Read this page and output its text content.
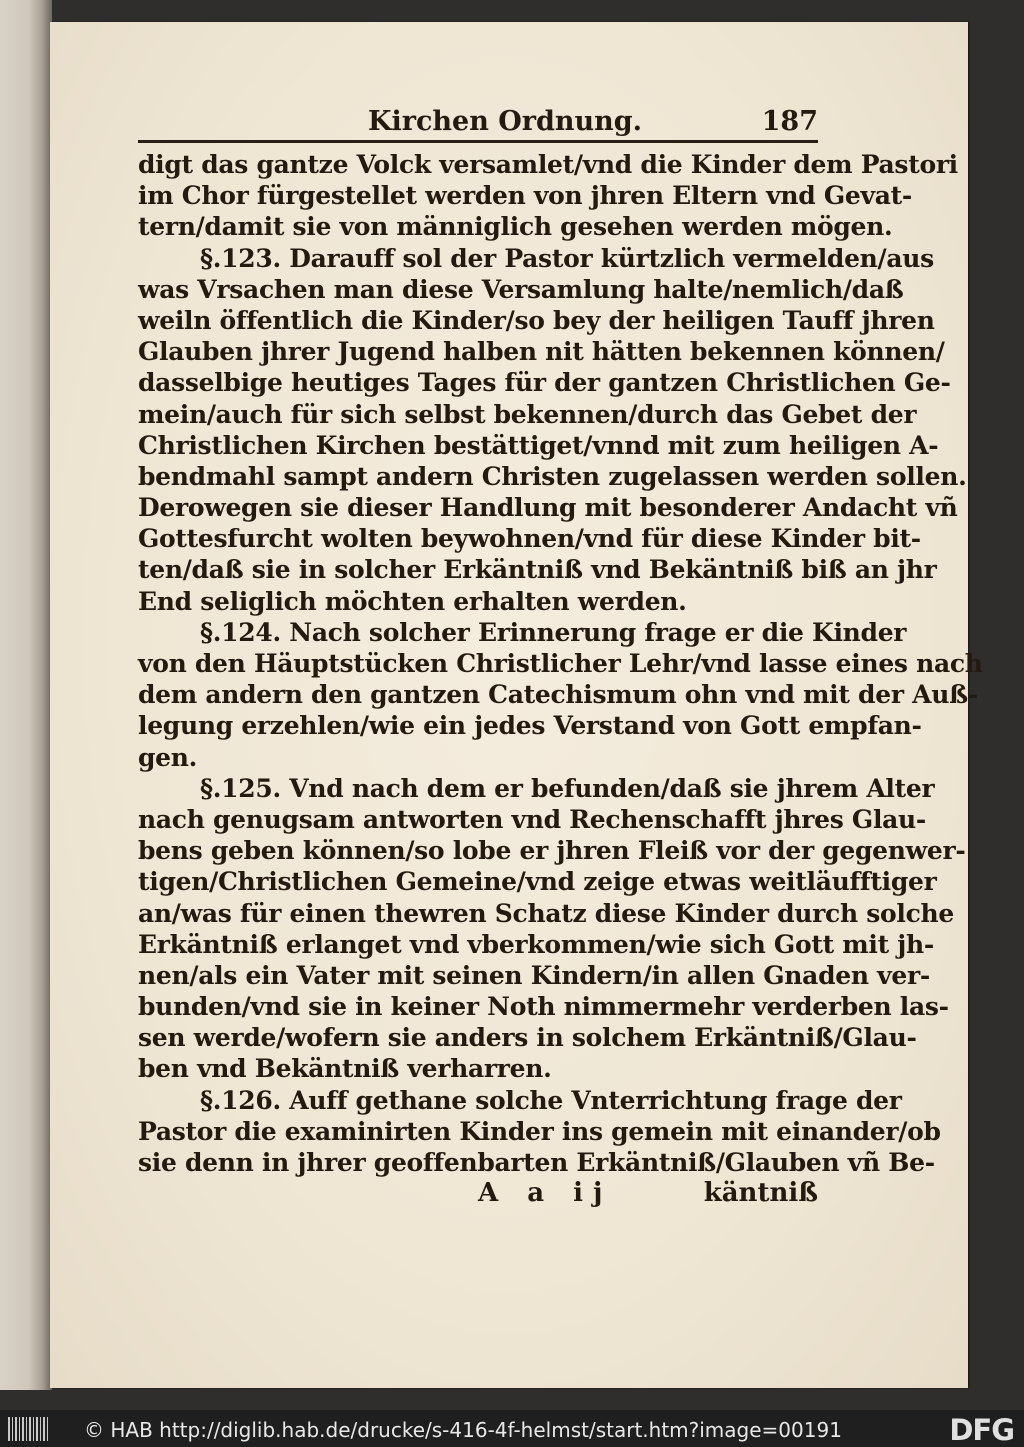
Kirchen Ordnung.	187
digt das gantze Volck versamlet/vnd die Kinder dem Pastori
im Chor fürgestellet werden von jhren Eltern vnd Gevat-
tern/damit sie von männiglich gesehen werden mögen.
§.123. Darauff sol der Pastor kürtzlich vermelden/aus
was Vrsachen man diese Versamlung halte/nemlich/daß
weiln öffentlich die Kinder/so bey der heiligen Tauff jhren
Glauben jhrer Jugend halben nit hätten bekennen können/
dasselbige heutiges Tages für der gantzen Christlichen Ge-
mein/auch für sich selbst bekennen/durch das Gebet der
Christlichen Kirchen bestättiget/vnnd mit zum heiligen A-
bendmahl sampt andern Christen zugelassen werden sollen.
Derowegen sie dieser Handlung mit besonderer Andacht vñ
Gottesfurcht wolten beywohnen/vnd für diese Kinder bit-
ten/daß sie in solcher Erkäntniß vnd Bekäntniß biß an jhr
End seliglich möchten erhalten werden.
§.124. Nach solcher Erinnerung frage er die Kinder
von den Häuptstücken Christlicher Lehr/vnd lasse eines nach
dem andern den gantzen Catechismum ohn vnd mit der Auß-
legung erzehlen/wie ein jedes Verstand von Gott empfan-
gen.
§.125. Vnd nach dem er befunden/daß sie jhrem Alter
nach genugsam antworten vnd Rechenschafft jhres Glau-
bens geben können/so lobe er jhren Fleiß vor der gegenwer-
tigen/Christlichen Gemeine/vnd zeige etwas weitläufftiger
an/was für einen thewren Schatz diese Kinder durch solche
Erkäntniß erlanget vnd vberkommen/wie sich Gott mit jh-
nen/als ein Vater mit seinen Kindern/in allen Gnaden ver-
bunden/vnd sie in keiner Noth nimmermehr verderben las-
sen werde/wofern sie anders in solchem Erkäntniß/Glau-
ben vnd Bekäntniß verharren.
§.126. Auff gethane solche Vnterrichtung frage der
Pastor die examinirten Kinder ins gemein mit einander/ob
sie denn in jhrer geoffenbarten Erkäntniß/Glauben vñ Be-
A a ij	käntniß
© HAB http://diglib.hab.de/drucke/s-416-4f-helmst/start.htm?image=00191	DFG
